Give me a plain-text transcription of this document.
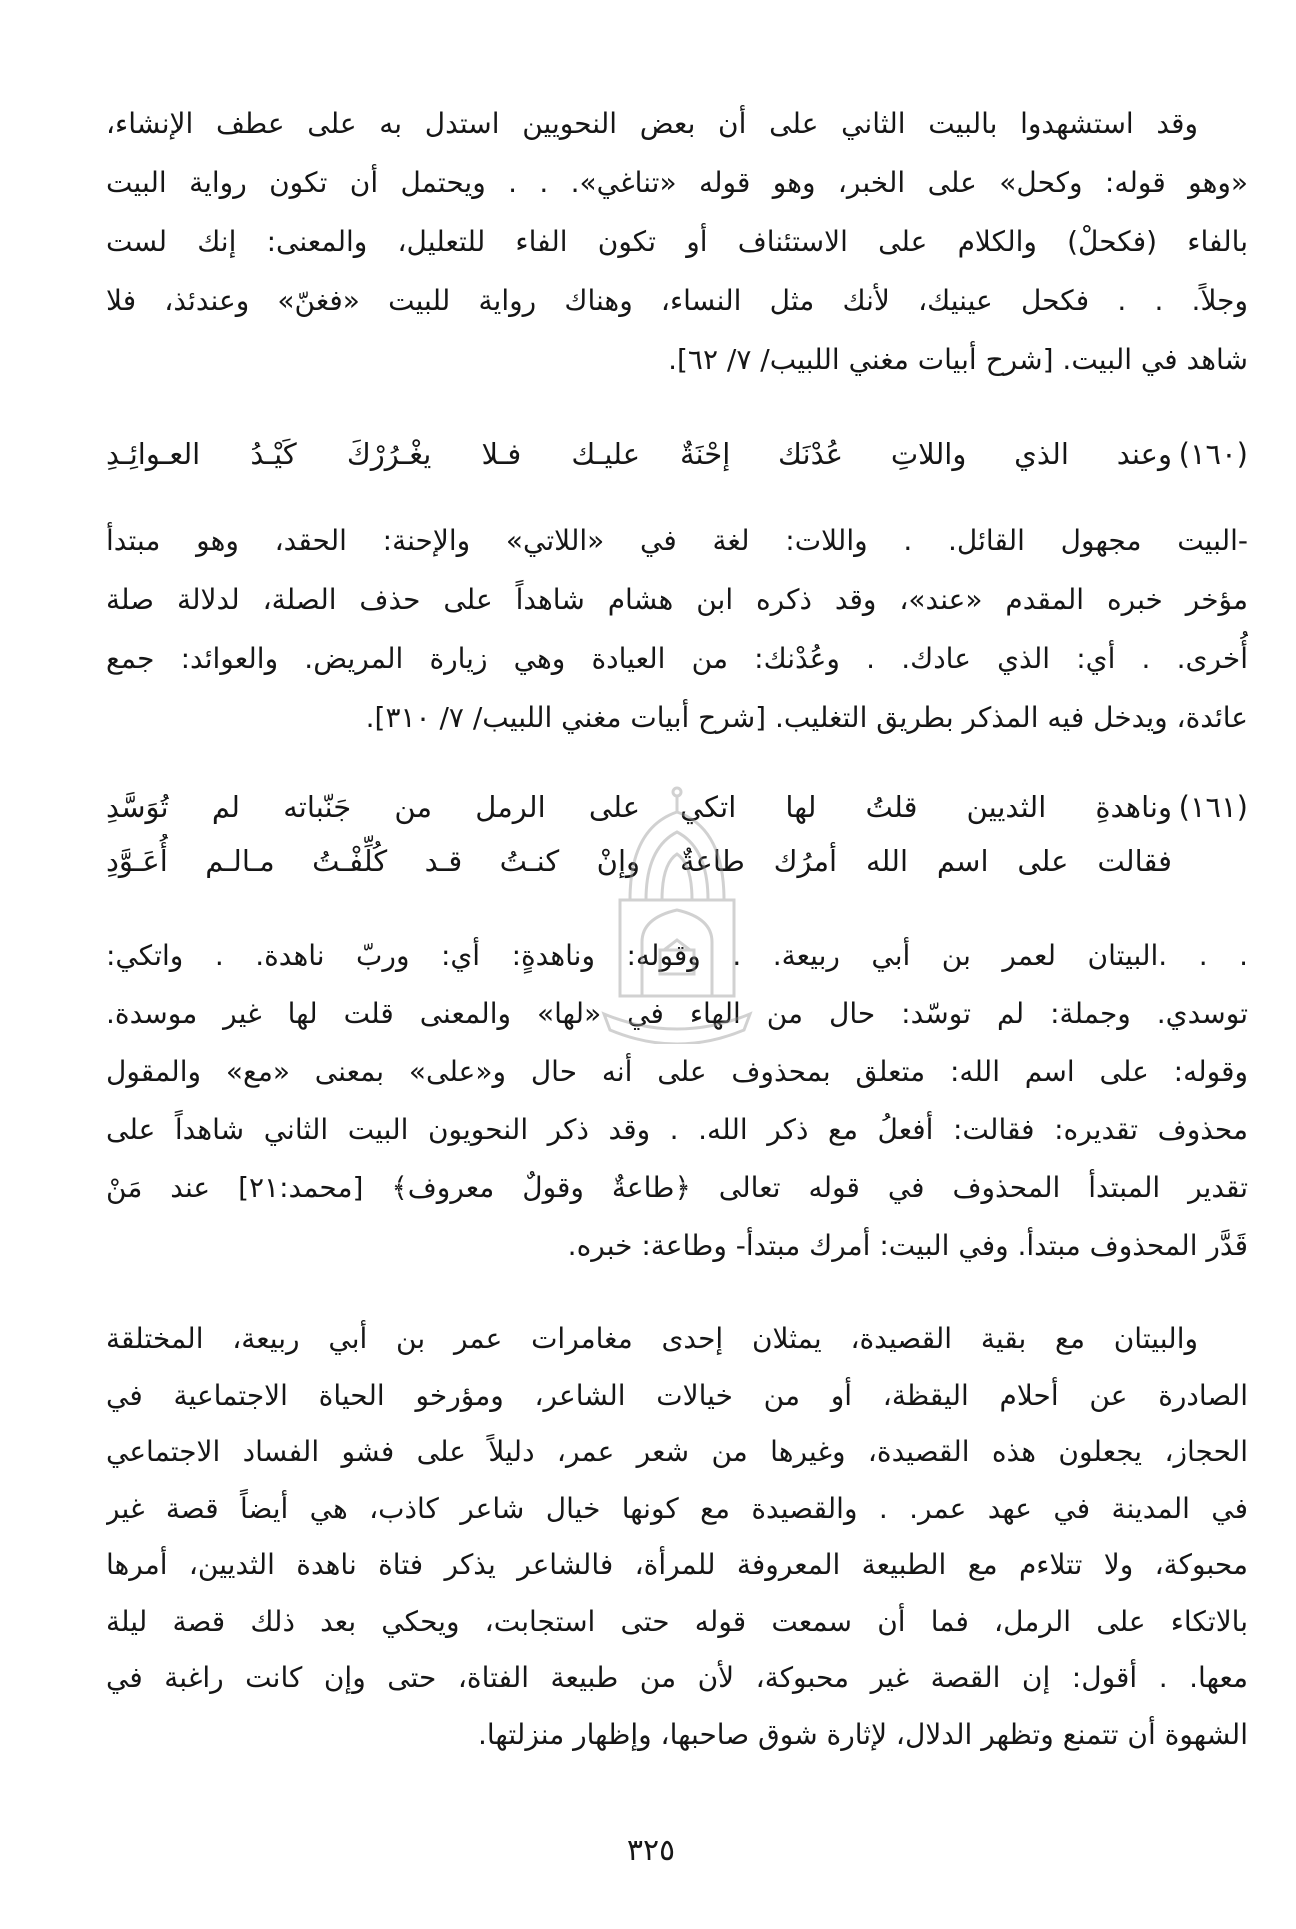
وقد استشهدوا بالبيت الثاني على أن بعض النحويين استدل به على عطف الإنشاء،
«وهو قوله: وكحل» على الخبر، وهو قوله «تناغي». . . ويحتمل أن تكون رواية البيت
بالفاء (فكحلْ) والكلام على الاستئناف أو تكون الفاء للتعليل، والمعنى: إنك لست
وجلاً. . . فكحل عينيك، لأنك مثل النساء، وهناك رواية للبيت «فغنّ» وعندئذ، فلا
شاهد في البيت. [شرح أبيات مغني اللبيب/ ٧/ ٦٢].
(١٦٠)
وعند الذي واللاتِ عُدْنَك إحْنَةٌ
عليـك فـلا يغْـرُرْكَ كَيْـدُ العـوائِـدِ
-البيت مجهول القائل. . واللات: لغة في «اللاتي» والإحنة: الحقد، وهو مبتدأ
مؤخر خبره المقدم «عند»، وقد ذكره ابن هشام شاهداً على حذف الصلة، لدلالة صلة
أُخرى. . أي: الذي عادك. . وعُدْنك: من العيادة وهي زيارة المريض. والعوائد: جمع
عائدة، ويدخل فيه المذكر بطريق التغليب. [شرح أبيات مغني اللبيب/ ٧/ ٣١٠].
(١٦١)
وناهدةِ الثديين قلتُ لها اتكي
على الرمل من جَنّباته لم تُوَسَّدِ
فقالت على اسم الله أمرُك طاعةٌ
وإنْ كنـتُ قـد كُلِّفْـتُ مـالـم أُعَـوَّدِ
. . .البيتان لعمر بن أبي ربيعة. . وقوله: وناهدةٍ: أي: وربّ ناهدة. . واتكي:
توسدي. وجملة: لم توسّد: حال من الهاء في «لها» والمعنى قلت لها غير موسدة.
وقوله: على اسم الله: متعلق بمحذوف على أنه حال و«على» بمعنى «مع» والمقول
محذوف تقديره: فقالت: أفعلُ مع ذكر الله. . وقد ذكر النحويون البيت الثاني شاهداً على
تقدير المبتدأ المحذوف في قوله تعالى ﴿طاعةٌ وقولٌ معروف﴾ [محمد:٢١] عند مَنْ
قَدَّر المحذوف مبتدأ. وفي البيت: أمرك مبتدأ- وطاعة: خبره.
والبيتان مع بقية القصيدة، يمثلان إحدى مغامرات عمر بن أبي ربيعة، المختلقة
الصادرة عن أحلام اليقظة، أو من خيالات الشاعر، ومؤرخو الحياة الاجتماعية في
الحجاز، يجعلون هذه القصيدة، وغيرها من شعر عمر، دليلاً على فشو الفساد الاجتماعي
في المدينة في عهد عمر. . والقصيدة مع كونها خيال شاعر كاذب، هي أيضاً قصة غير
محبوكة، ولا تتلاءم مع الطبيعة المعروفة للمرأة، فالشاعر يذكر فتاة ناهدة الثديين، أمرها
بالاتكاء على الرمل، فما أن سمعت قوله حتى استجابت، ويحكي بعد ذلك قصة ليلة
معها. . أقول: إن القصة غير محبوكة، لأن من طبيعة الفتاة، حتى وإن كانت راغبة في
الشهوة أن تتمنع وتظهر الدلال، لإثارة شوق صاحبها، وإظهار منزلتها.
٣٢٥
